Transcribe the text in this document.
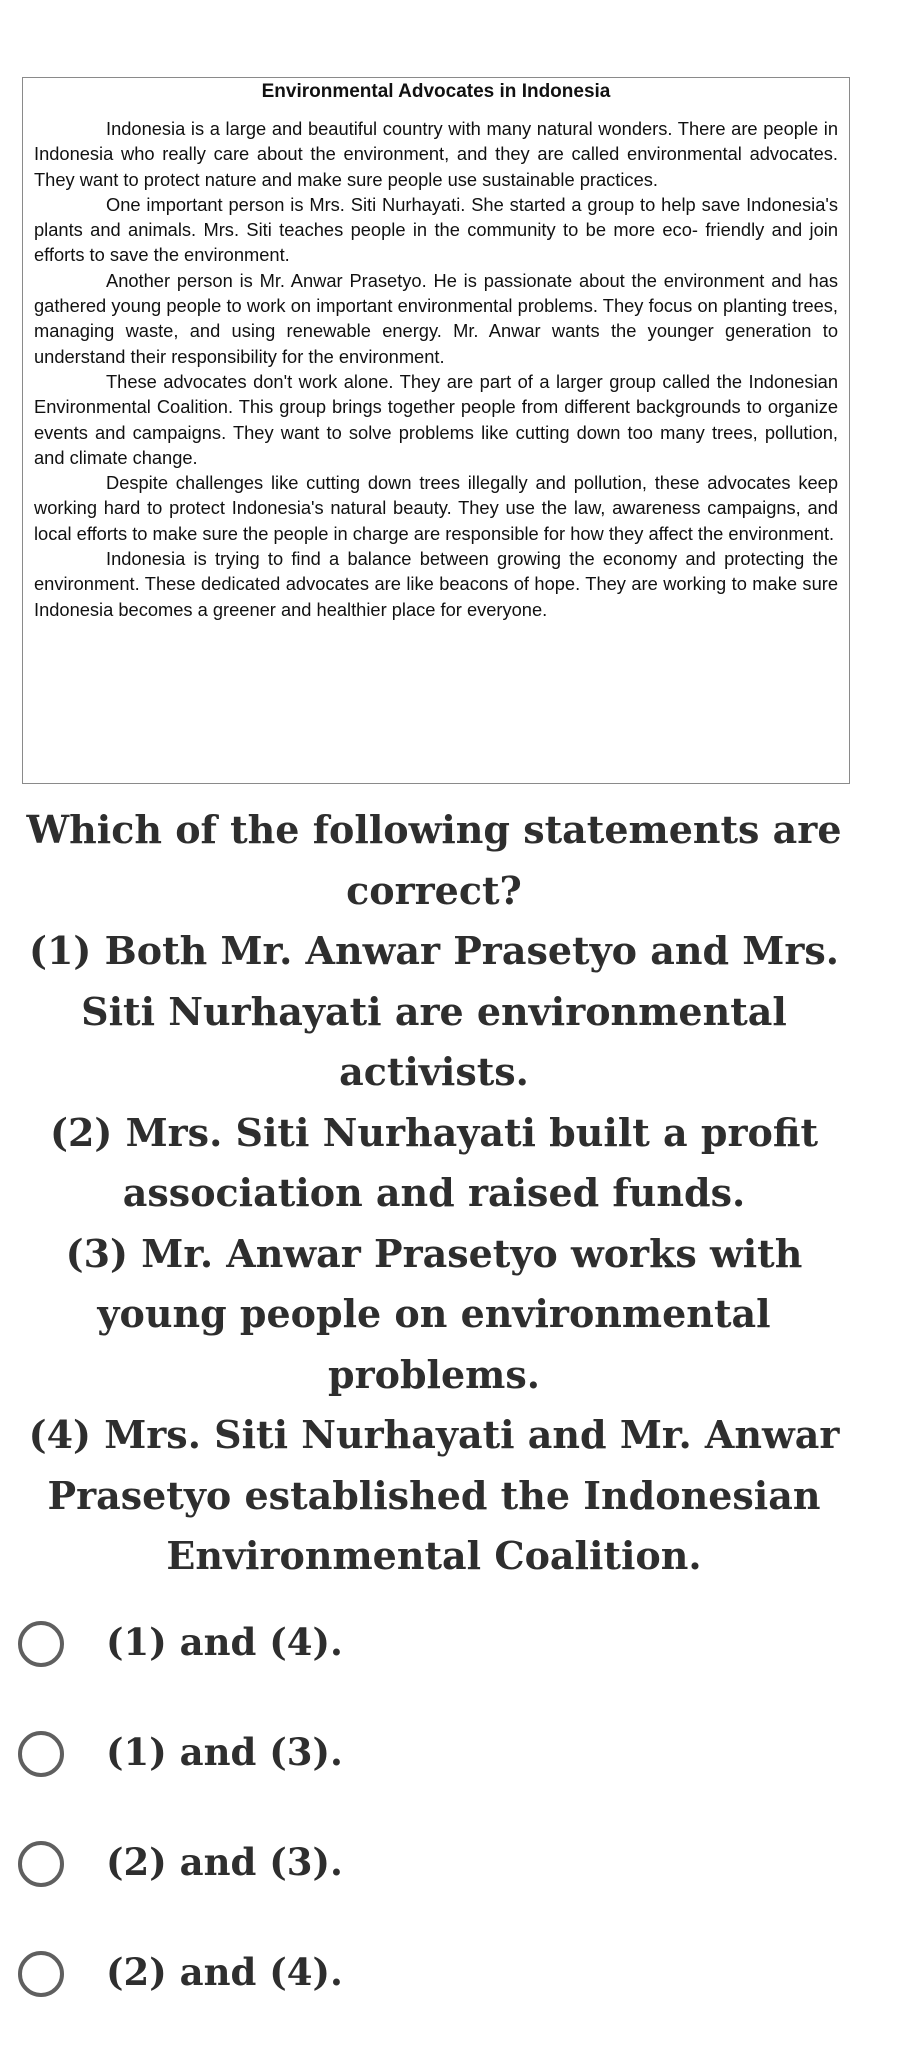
Environmental Advocates in Indonesia

Indonesia is a large and beautiful country with many natural wonders. There are people in Indonesia who really care about the environment, and they are called environmental advocates. They want to protect nature and make sure people use sustainable practices.

One important person is Mrs. Siti Nurhayati. She started a group to help save Indonesia's plants and animals. Mrs. Siti teaches people in the community to be more eco- friendly and join efforts to save the environment.

Another person is Mr. Anwar Prasetyo. He is passionate about the environment and has gathered young people to work on important environmental problems. They focus on planting trees, managing waste, and using renewable energy. Mr. Anwar wants the younger generation to understand their responsibility for the environment.

These advocates don't work alone. They are part of a larger group called the Indonesian Environmental Coalition. This group brings together people from different backgrounds to organize events and campaigns. They want to solve problems like cutting down too many trees, pollution, and climate change.

Despite challenges like cutting down trees illegally and pollution, these advocates keep working hard to protect Indonesia's natural beauty. They use the law, awareness campaigns, and local efforts to make sure the people in charge are responsible for how they affect the environment.

Indonesia is trying to find a balance between growing the economy and protecting the environment. These dedicated advocates are like beacons of hope. They are working to make sure Indonesia becomes a greener and healthier place for everyone.

Which of the following statements are correct?

(1) Both Mr. Anwar Prasetyo and Mrs. Siti Nurhayati are environmental activists.

(2) Mrs. Siti Nurhayati built a profit association and raised funds.

(3) Mr. Anwar Prasetyo works with young people on environmental problems.

(4) Mrs. Siti Nurhayati and Mr. Anwar Prasetyo established the Indonesian Environmental Coalition.

(1) and (4).
(1) and (3).
(2) and (3).
(2) and (4).
